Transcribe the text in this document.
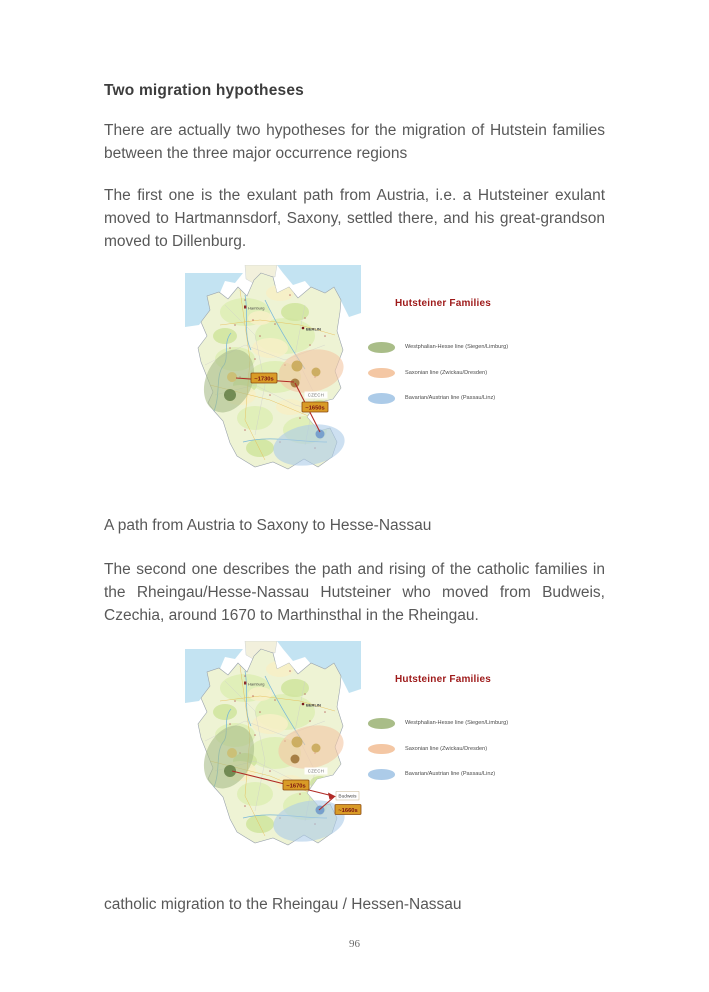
Two migration hypotheses

There are actually two hypotheses for the migration of Hutstein families between the three major occurrence regions

The first one is the exulant path from Austria, i.e. a Hutsteiner exulant moved to Hartmannsdorf, Saxony, settled there, and his great-grandson moved to Dillenburg.

~1730s
~1650s
Hutsteiner Families
Westphalian-Hesse line (Siegen/Limburg)
Saxonian line (Zwickau/Dresden)
Bavarian/Austrian line (Passau/Linz)

A path from Austria to Saxony to Hesse-Nassau

The second one describes the path and rising of the catholic families in the Rheingau/Hesse-Nassau Hutsteiner who moved from Budweis, Czechia, around 1670 to Marthinsthal in the Rheingau.

~1670s
Budweis
~1660s
Hutsteiner Families
Westphalian-Hesse line (Siegen/Limburg)
Saxonian line (Zwickau/Dresden)
Bavarian/Austrian line (Passau/Linz)

catholic migration to the Rheingau / Hessen-Nassau

96
